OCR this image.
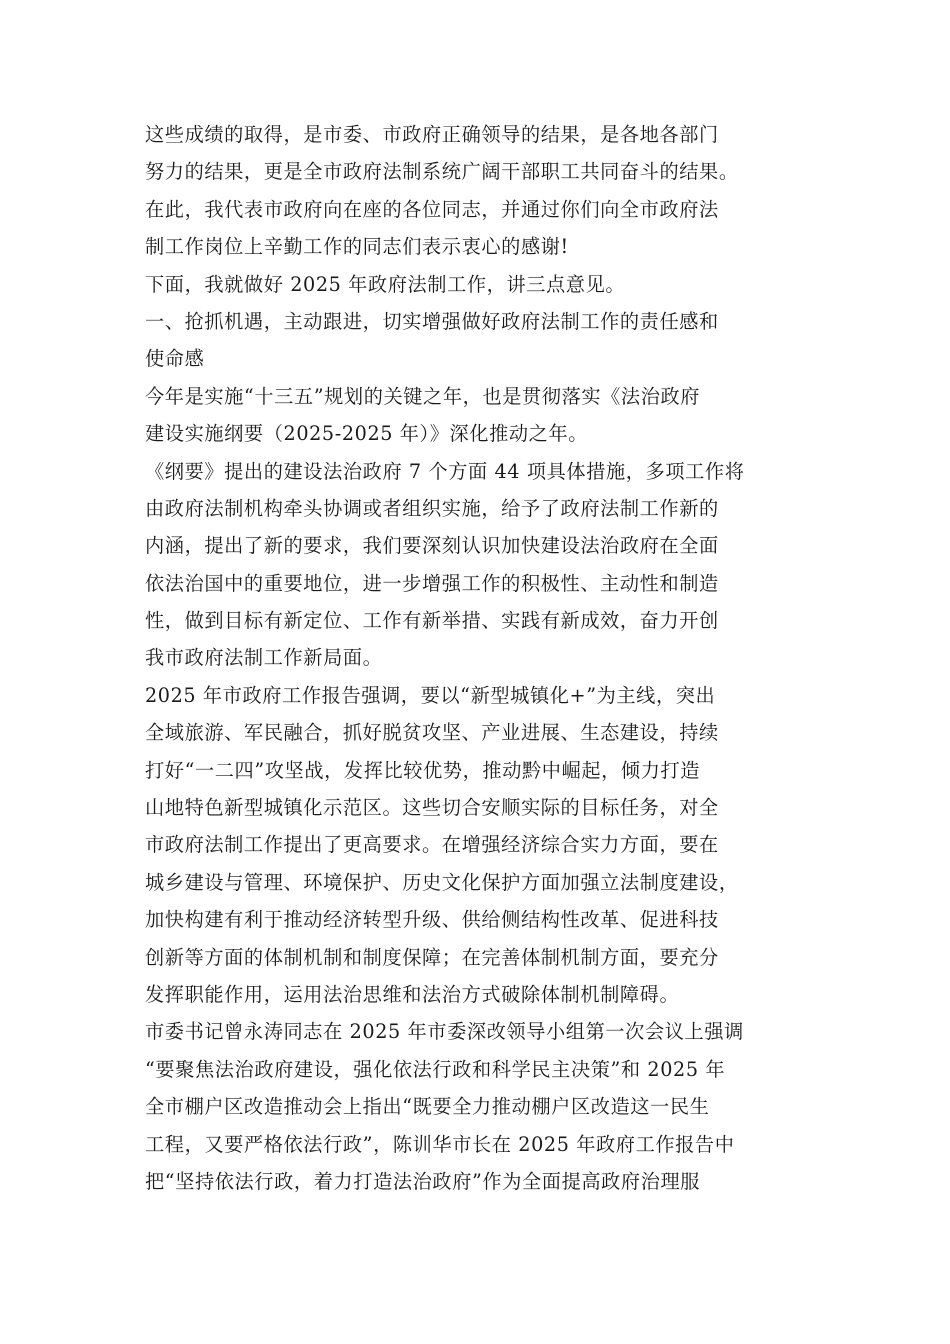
这些成绩的取得，是市委、市政府正确领导的结果，是各地各部门
努力的结果，更是全市政府法制系统广阔干部职工共同奋斗的结果。
在此，我代表市政府向在座的各位同志，并通过你们向全市政府法
制工作岗位上辛勤工作的同志们表示衷心的感谢!
下面，我就做好 2025 年政府法制工作，讲三点意见。
一、抢抓机遇，主动跟进，切实增强做好政府法制工作的责任感和
使命感
今年是实施“十三五”规划的关键之年，也是贯彻落实《法治政府
建设实施纲要（2025-2025 年）》深化推动之年。
《纲要》提出的建设法治政府 7 个方面 44 项具体措施，多项工作将
由政府法制机构牵头协调或者组织实施，给予了政府法制工作新的
内涵，提出了新的要求，我们要深刻认识加快建设法治政府在全面
依法治国中的重要地位，进一步增强工作的积极性、主动性和制造
性，做到目标有新定位、工作有新举措、实践有新成效，奋力开创
我市政府法制工作新局面。
2025 年市政府工作报告强调，要以“新型城镇化+”为主线，突出
全域旅游、军民融合，抓好脱贫攻坚、产业进展、生态建设，持续
打好“一二四”攻坚战，发挥比较优势，推动黔中崛起，倾力打造
山地特色新型城镇化示范区。这些切合安顺实际的目标任务，对全
市政府法制工作提出了更高要求。在增强经济综合实力方面，要在
城乡建设与管理、环境保护、历史文化保护方面加强立法制度建设，
加快构建有利于推动经济转型升级、供给侧结构性改革、促进科技
创新等方面的体制机制和制度保障；在完善体制机制方面，要充分
发挥职能作用，运用法治思维和法治方式破除体制机制障碍。
市委书记曾永涛同志在 2025 年市委深改领导小组第一次会议上强调
“要聚焦法治政府建设，强化依法行政和科学民主决策”和 2025 年
全市棚户区改造推动会上指出“既要全力推动棚户区改造这一民生
工程，又要严格依法行政”，陈训华市长在 2025 年政府工作报告中
把“坚持依法行政，着力打造法治政府”作为全面提高政府治理服
